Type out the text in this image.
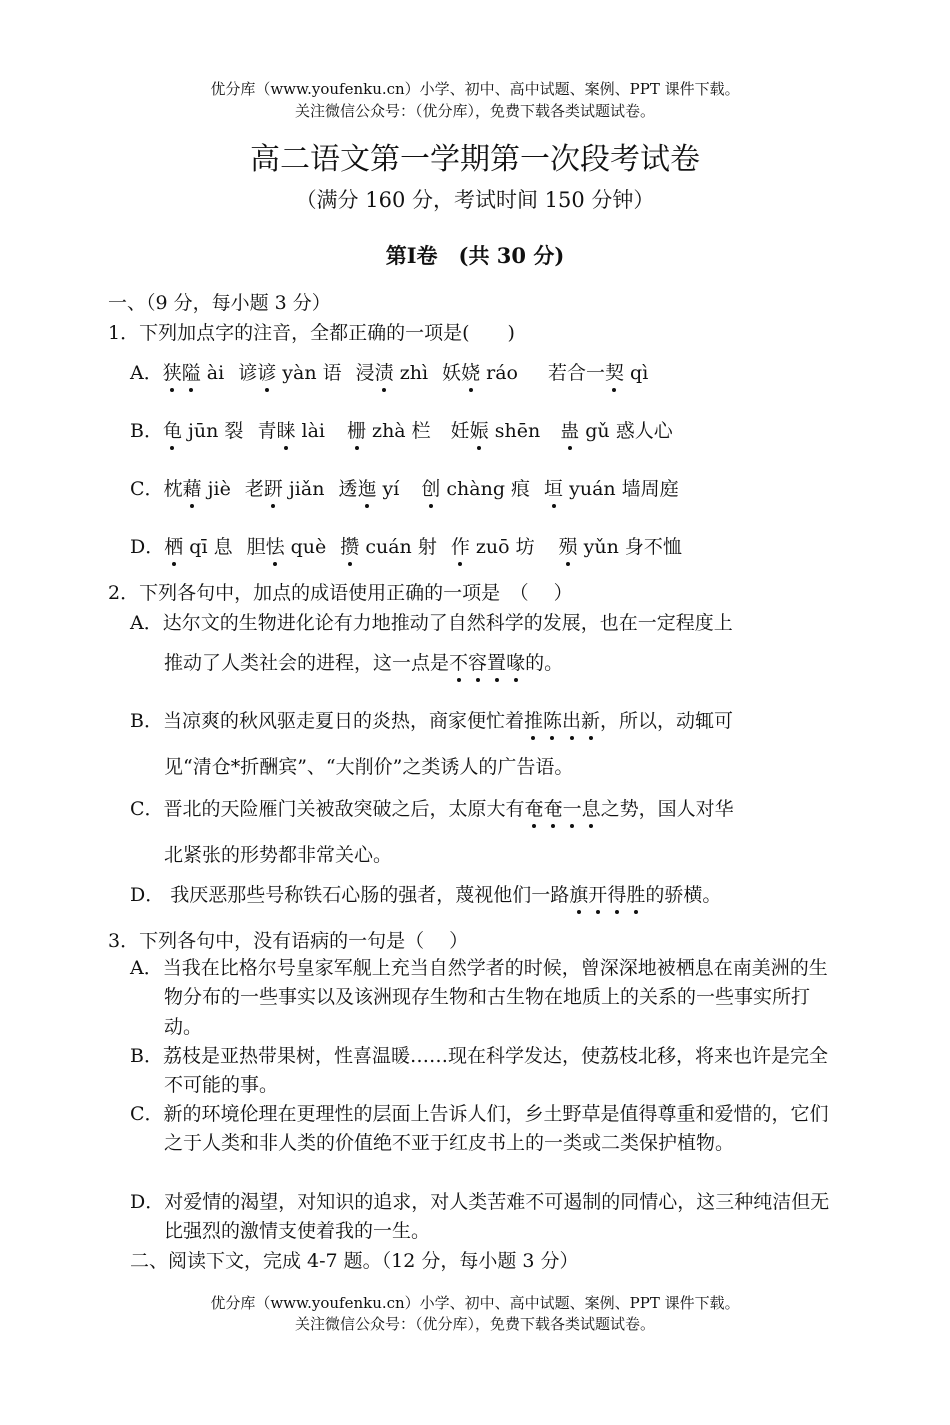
优分库（www.youfenku.cn）小学、初中、高中试题、案例、PPT 课件下载。
关注微信公众号：（优分库），免费下载各类试题试卷。
高二语文第一学期第一次段考试卷
（满分 160 分，考试时间 150 分钟）
第Ⅰ卷　(共 30 分)
一、（9 分，每小题 3 分）
1．下列加点字的注音，全都正确的一项是(　　)
A．狭隘 ài 谚谚 yàn 语 浸渍 zhì 妖娆 ráo 若合一契 qì
B．龟 jūn 裂 青睐 lài 栅 zhà 栏 妊娠 shēn 蛊 gǔ 惑人心
C．枕藉 jiè 老趼 jiǎn 透迤 yí 创 chàng 痕 垣 yuán 墙周庭
D．栖 qī 息 胆怯 què 攒 cuán 射 作 zuō 坊 殒 yǔn 身不恤
2．下列各句中，加点的成语使用正确的一项是　（　 ）
A．达尔文的生物进化论有力地推动了自然科学的发展，也在一定程度上
推动了人类社会的进程，这一点是不容置喙的。
B．当凉爽的秋风驱走夏日的炎热，商家便忙着推陈出新，所以，动辄可
见“清仓*折酬宾”、“大削价”之类诱人的广告语。
C．晋北的天险雁门关被敌突破之后，太原大有奄奄一息之势，国人对华
北紧张的形势都非常关心。
D． 我厌恶那些号称铁石心肠的强者，蔑视他们一路旗开得胜的骄横。
3．下列各句中，没有语病的一句是（　 ）
A．当我在比格尔号皇家军舰上充当自然学者的时候，曾深深地被栖息在南美洲的生物分布的一些事实以及该洲现存生物和古生物在地质上的关系的一些事实所打动。
B．荔枝是亚热带果树，性喜温暖……现在科学发达，使荔枝北移，将来也许是完全不可能的事。
C．新的环境伦理在更理性的层面上告诉人们，乡土野草是值得尊重和爱惜的，它们之于人类和非人类的价值绝不亚于红皮书上的一类或二类保护植物。
D．对爱情的渴望，对知识的追求，对人类苦难不可遏制的同情心，这三种纯洁但无比强烈的激情支使着我的一生。
二、阅读下文，完成 4-7 题。（12 分，每小题 3 分）
优分库（www.youfenku.cn）小学、初中、高中试题、案例、PPT 课件下载。
关注微信公众号：（优分库），免费下载各类试题试卷。
